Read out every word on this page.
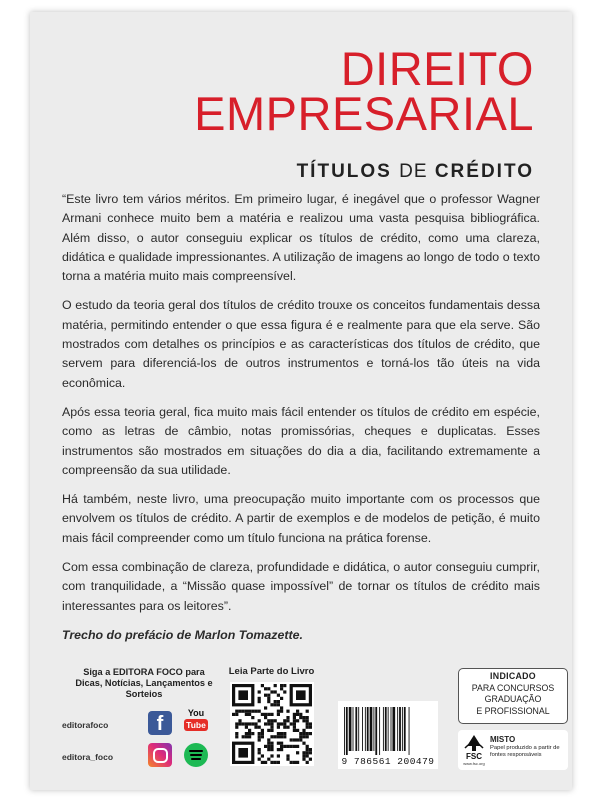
DIREITO
EMPRESARIAL
TÍTULOS DE CRÉDITO

“Este livro tem vários méritos. Em primeiro lugar, é inegável que o professor Wagner Armani conhece muito bem a matéria e realizou uma vasta pesquisa bibliográfica. Além disso, o autor conseguiu explicar os títulos de crédito, como uma clareza, didática e qualidade impressionantes. A utilização de imagens ao longo de todo o texto torna a matéria muito mais compreensível.

O estudo da teoria geral dos títulos de crédito trouxe os conceitos fundamentais dessa matéria, permitindo entender o que essa figura é e realmente para que ela serve. São mostrados com detalhes os princípios e as características dos títulos de crédito, que servem para diferenciá-los de outros instrumentos e torná-los tão úteis na vida econômica.

Após essa teoria geral, fica muito mais fácil entender os títulos de crédito em espécie, como as letras de câmbio, notas promissórias, cheques e duplicatas. Esses instrumentos são mostrados em situações do dia a dia, facilitando extremamente a compreensão da sua utilidade.

Há também, neste livro, uma preocupação muito importante com os processos que envolvem os títulos de crédito. A partir de exemplos e de modelos de petição, é muito mais fácil compreender como um título funciona na prática forense.

Com essa combinação de clareza, profundidade e didática, o autor conseguiu cumprir, com tranquilidade, a “Missão quase impossível” de tornar os títulos de crédito mais interessantes para os leitores”.

Trecho do prefácio de Marlon Tomazette.

Siga a EDITORA FOCO para Dicas, Notícias, Lançamentos e Sorteios
editorafoco	f	You
Tube
editora_foco
Leia Parte do Livro
9 786561 200479
INDICADO
PARA CONCURSOS
GRADUAÇÃO
E PROFISSIONAL
FSC
www.fsc.org
MISTO
Papel produzido a partir de fontes responsáveis
